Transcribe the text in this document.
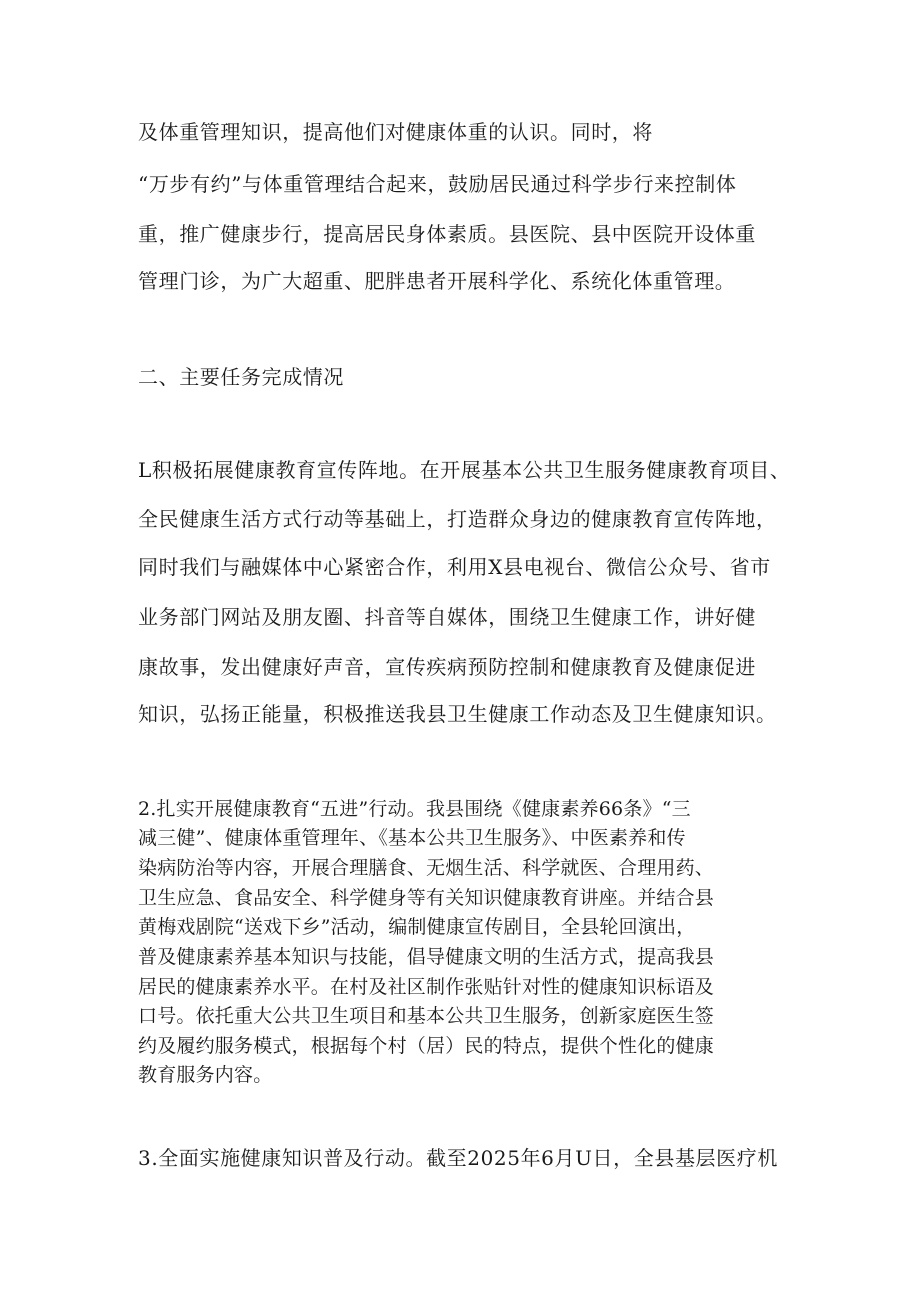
及体重管理知识，提高他们对健康体重的认识。同时，将
“万步有约”与体重管理结合起来，鼓励居民通过科学步行来控制体
重，推广健康步行，提高居民身体素质。县医院、县中医院开设体重
管理门诊，为广大超重、肥胖患者开展科学化、系统化体重管理。
二、主要任务完成情况
L积极拓展健康教育宣传阵地。在开展基本公共卫生服务健康教育项目、
全民健康生活方式行动等基础上，打造群众身边的健康教育宣传阵地，
同时我们与融媒体中心紧密合作，利用X县电视台、微信公众号、省市
业务部门网站及朋友圈、抖音等自媒体，围绕卫生健康工作，讲好健
康故事，发出健康好声音，宣传疾病预防控制和健康教育及健康促进
知识，弘扬正能量，积极推送我县卫生健康工作动态及卫生健康知识。
2.扎实开展健康教育“五进”行动。我县围绕《健康素养66条》“三
减三健”、健康体重管理年、《基本公共卫生服务》、中医素养和传
染病防治等内容，开展合理膳食、无烟生活、科学就医、合理用药、
卫生应急、食品安全、科学健身等有关知识健康教育讲座。并结合县
黄梅戏剧院“送戏下乡”活动，编制健康宣传剧目，全县轮回演出，
普及健康素养基本知识与技能，倡导健康文明的生活方式，提高我县
居民的健康素养水平。在村及社区制作张贴针对性的健康知识标语及
口号。依托重大公共卫生项目和基本公共卫生服务，创新家庭医生签
约及履约服务模式，根据每个村（居）民的特点，提供个性化的健康
教育服务内容。
3.全面实施健康知识普及行动。截至2025年6月U日，全县基层医疗机
